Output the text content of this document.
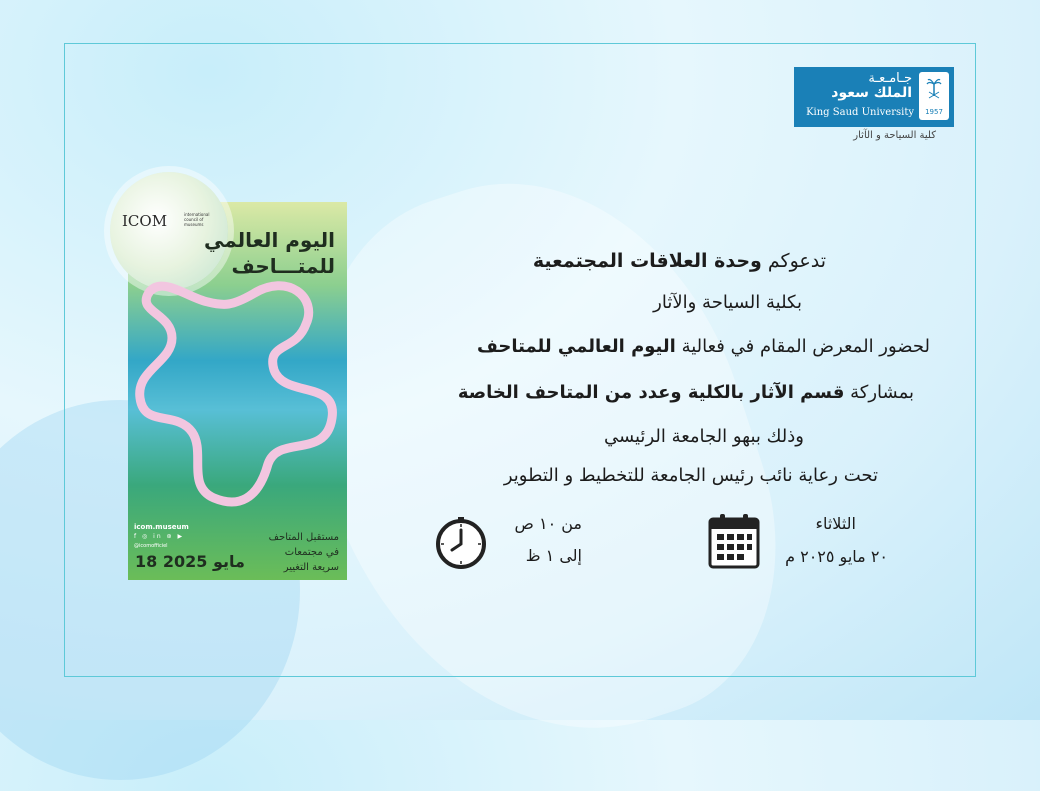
جـامـعـة
الملك سعود
King Saud University	1957
كلية السياحة و الآثار
ICOM	international council of museums
اليوم العالمي
للمتـــاحف
icom.museum
f ◎ in ⊛ ▶
@icomofficiel
مستقبل المتاحف
في مجتمعات
سريعة التغيير
18 مايو 2025
تدعوكم وحدة العلاقات المجتمعية
بكلية السياحة والآثار
لحضور المعرض المقام في فعالية اليوم العالمي للمتاحف
بمشاركة قسم الآثار بالكلية وعدد من المتاحف الخاصة
وذلك ببهو الجامعة الرئيسي
تحت رعاية نائب رئيس الجامعة للتخطيط و التطوير
من ١٠ ص
إلى ١ ظ
الثلاثاء
٢٠ مايو ٢٠٢٥ م
